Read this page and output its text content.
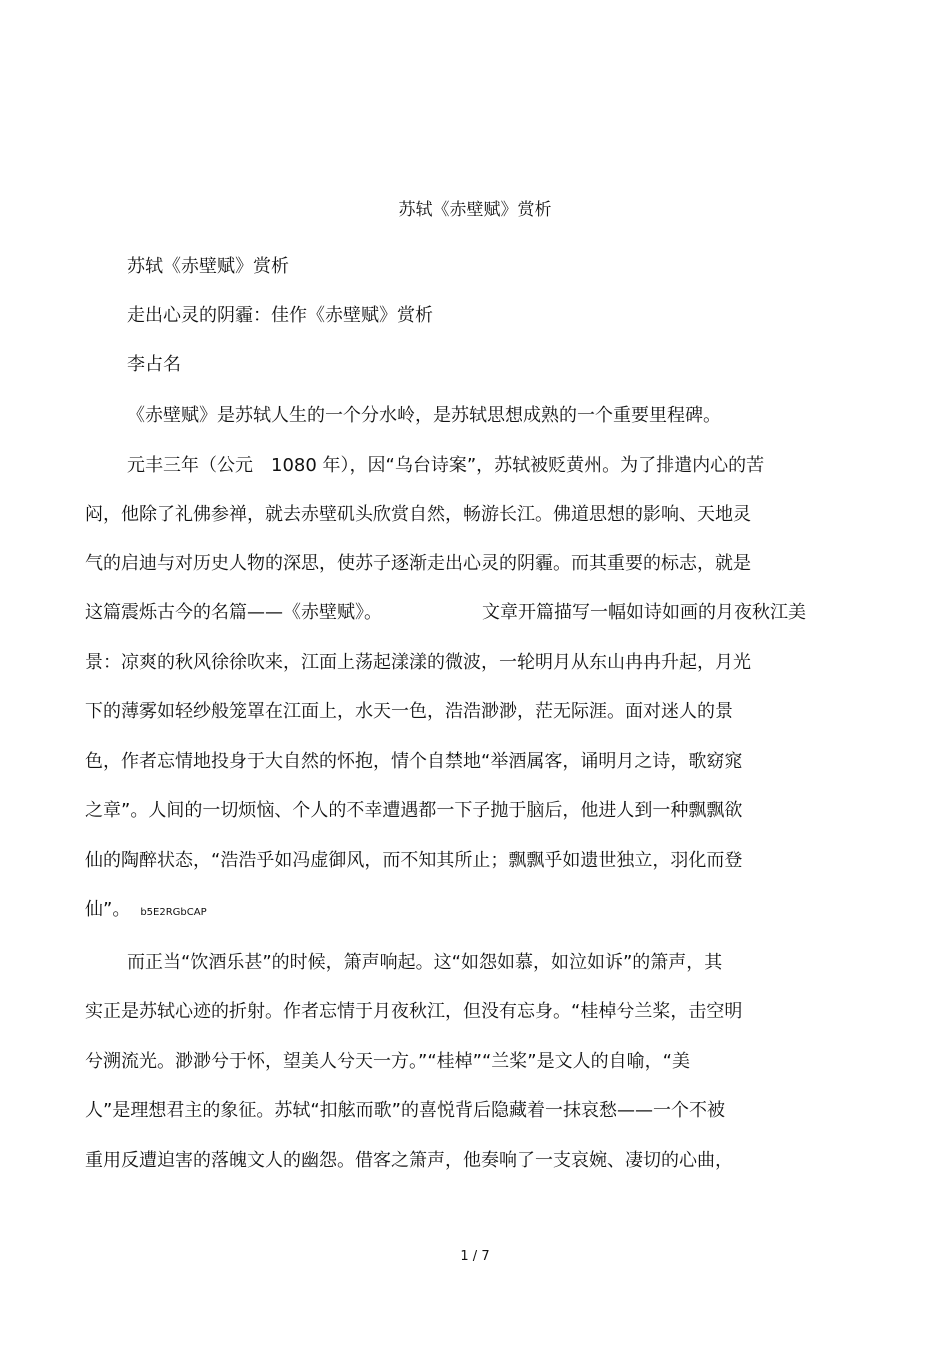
苏轼《赤壁赋》赏析
苏轼《赤壁赋》赏析
走出心灵的阴霾：佳作《赤壁赋》赏析
李占名
《赤壁赋》是苏轼人生的一个分水岭，是苏轼思想成熟的一个重要里程碑。
元丰三年（公元　1080 年），因“乌台诗案”，苏轼被贬黄州。为了排遣内心的苦
闷，他除了礼佛参禅，就去赤壁矶头欣赏自然，畅游长江。佛道思想的影响、天地灵
气的启迪与对历史人物的深思，使苏子逐渐走出心灵的阴霾。而其重要的标志，就是
这篇震烁古今的名篇——《赤壁赋》。	文章开篇描写一幅如诗如画的月夜秋江美
景：凉爽的秋风徐徐吹来，江面上荡起漾漾的微波，一轮明月从东山冉冉升起，月光
下的薄雾如轻纱般笼罩在江面上，水天一色，浩浩渺渺，茫无际涯。面对迷人的景
色，作者忘情地投身于大自然的怀抱，情个自禁地“举酒属客，诵明月之诗，歌窈窕
之章”。人间的一切烦恼、个人的不幸遭遇都一下子抛于脑后，他进人到一种飘飘欲
仙的陶醉状态，“浩浩乎如冯虚御风，而不知其所止；飘飘乎如遗世独立，羽化而登
仙”。 b5E2RGbCAP
而正当“饮酒乐甚”的时候，箫声响起。这“如怨如慕，如泣如诉”的箫声，其
实正是苏轼心迹的折射。作者忘情于月夜秋江，但没有忘身。“桂棹兮兰桨，击空明
兮溯流光。渺渺兮于怀，望美人兮天一方。”“桂棹”“兰桨”是文人的自喻，“美
人”是理想君主的象征。苏轼“扣舷而歌”的喜悦背后隐藏着一抹哀愁——一个不被
重用反遭迫害的落魄文人的幽怨。借客之箫声，他奏响了一支哀婉、凄切的心曲，
1 / 7
